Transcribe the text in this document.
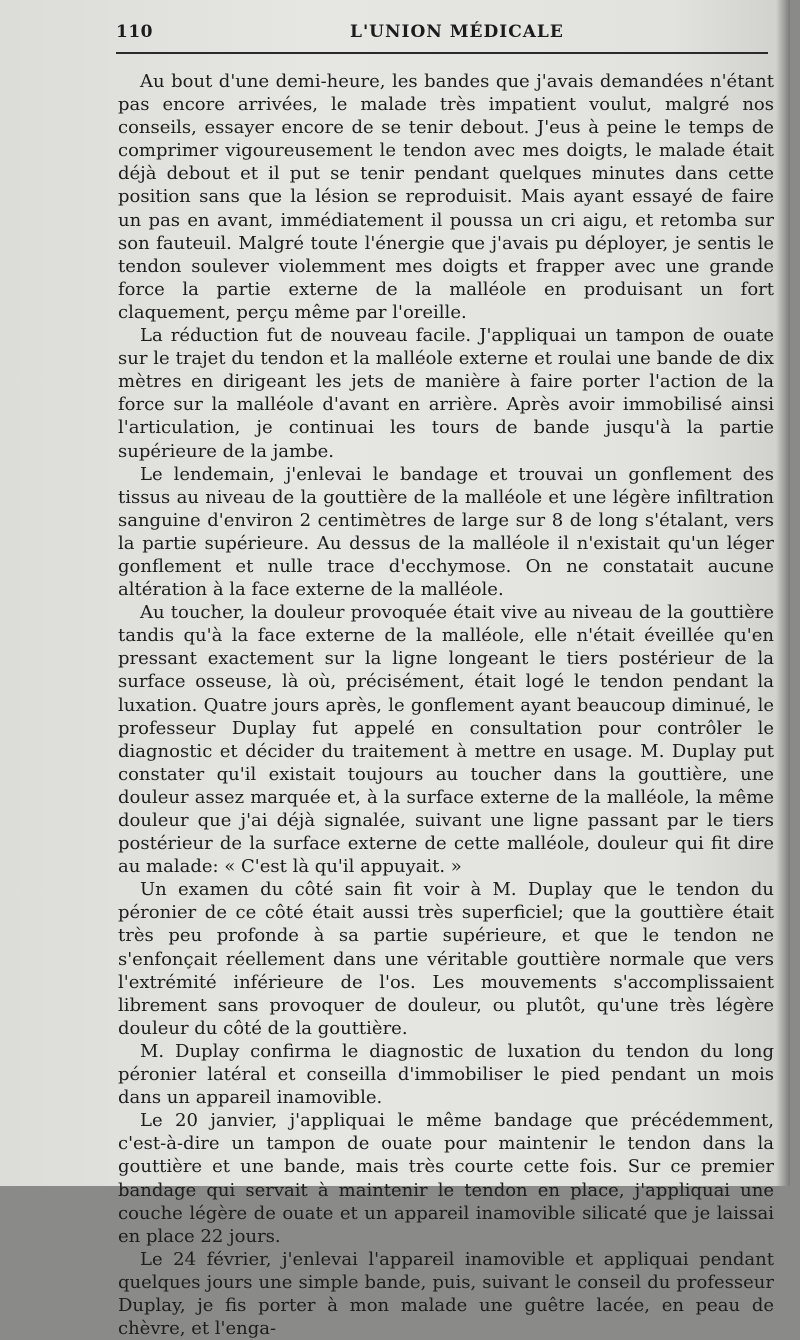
110	L'UNION MÉDICALE

Au bout d'une demi-heure, les bandes que j'avais demandées n'étant pas encore arrivées, le malade très impatient voulut, malgré nos conseils, essayer encore de se tenir debout. J'eus à peine le temps de comprimer vigoureusement le tendon avec mes doigts, le malade était déjà debout et il put se tenir pendant quelques minutes dans cette position sans que la lésion se reproduisit. Mais ayant essayé de faire un pas en avant, immédiatement il poussa un cri aigu, et retomba sur son fauteuil. Malgré toute l'énergie que j'avais pu déployer, je sentis le tendon soulever violemment mes doigts et frapper avec une grande force la partie externe de la malléole en produisant un fort claquement, perçu même par l'oreille.

La réduction fut de nouveau facile. J'appliquai un tampon de ouate sur le trajet du tendon et la malléole externe et roulai une bande de dix mètres en dirigeant les jets de manière à faire porter l'action de la force sur la malléole d'avant en arrière. Après avoir immobilisé ainsi l'articulation, je continuai les tours de bande jusqu'à la partie supérieure de la jambe.

Le lendemain, j'enlevai le bandage et trouvai un gonflement des tissus au niveau de la gouttière de la malléole et une légère infiltration sanguine d'environ 2 centimètres de large sur 8 de long s'étalant, vers la partie supérieure. Au dessus de la malléole il n'existait qu'un léger gonflement et nulle trace d'ecchymose. On ne constatait aucune altération à la face externe de la malléole.

Au toucher, la douleur provoquée était vive au niveau de la gouttière tandis qu'à la face externe de la malléole, elle n'était éveillée qu'en pressant exactement sur la ligne longeant le tiers postérieur de la surface osseuse, là où, précisément, était logé le tendon pendant la luxation. Quatre jours après, le gonflement ayant beaucoup diminué, le professeur Duplay fut appelé en consultation pour contrôler le diagnostic et décider du traitement à mettre en usage. M. Duplay put constater qu'il existait toujours au toucher dans la gouttière, une douleur assez marquée et, à la surface externe de la malléole, la même douleur que j'ai déjà signalée, suivant une ligne passant par le tiers postérieur de la surface externe de cette malléole, douleur qui fit dire au malade: « C'est là qu'il appuyait. »

Un examen du côté sain fit voir à M. Duplay que le tendon du péronier de ce côté était aussi très superficiel; que la gouttière était très peu profonde à sa partie supérieure, et que le tendon ne s'enfonçait réellement dans une véritable gouttière normale que vers l'extrémité inférieure de l'os. Les mouvements s'accomplissaient librement sans provoquer de douleur, ou plutôt, qu'une très légère douleur du côté de la gouttière.

M. Duplay confirma le diagnostic de luxation du tendon du long péronier latéral et conseilla d'immobiliser le pied pendant un mois dans un appareil inamovible.

Le 20 janvier, j'appliquai le même bandage que précédemment, c'est-à-dire un tampon de ouate pour maintenir le tendon dans la gouttière et une bande, mais très courte cette fois. Sur ce premier bandage qui servait à maintenir le tendon en place, j'appliquai une couche légère de ouate et un appareil inamovible silicaté que je laissai en place 22 jours.

Le 24 février, j'enlevai l'appareil inamovible et appliquai pendant quelques jours une simple bande, puis, suivant le conseil du professeur Duplay, je fis porter à mon malade une guêtre lacée, en peau de chèvre, et l'enga-
